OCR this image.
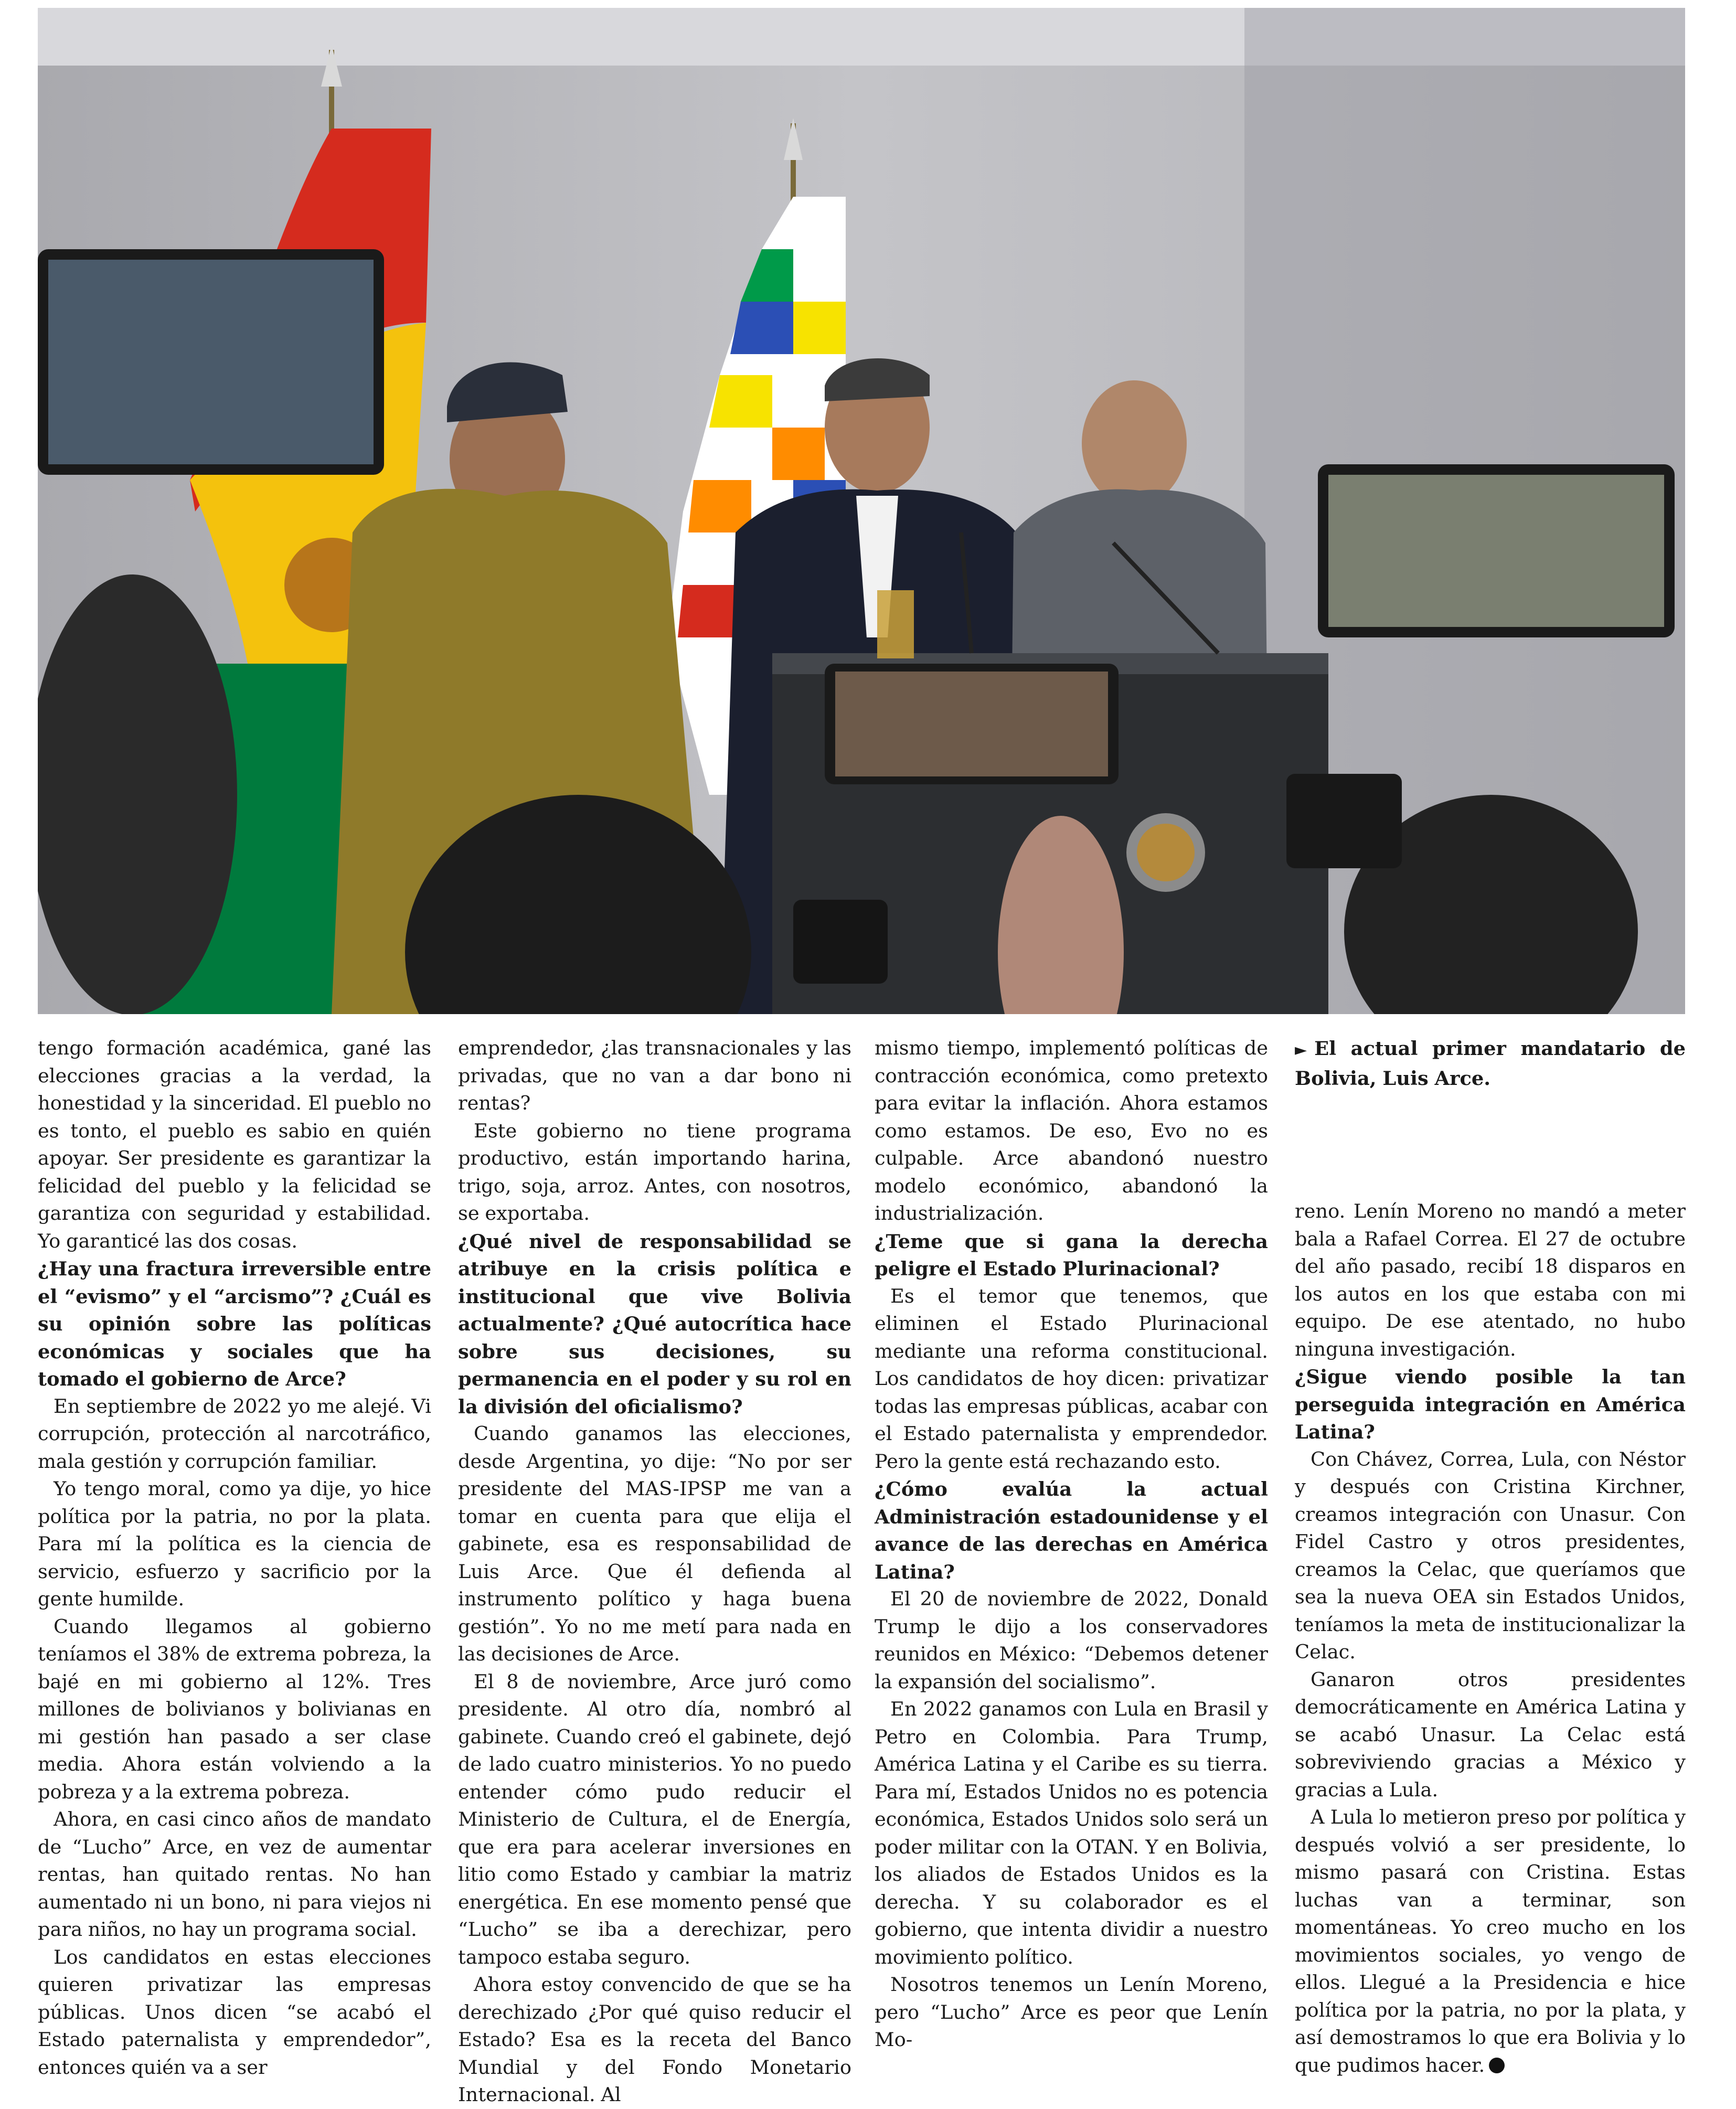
tengo formación académica, gané las elecciones gracias a la verdad, la honestidad y la sinceridad. El pueblo no es tonto, el pueblo es sabio en quién apoyar. Ser presidente es garantizar la felicidad del pueblo y la felicidad se garantiza con seguridad y estabilidad. Yo garanticé las dos cosas.

¿Hay una fractura irreversible entre el “evismo” y el “arcismo”? ¿Cuál es su opinión sobre las políticas económicas y sociales que ha tomado el gobierno de Arce?

En septiembre de 2022 yo me alejé. Vi corrupción, protección al narcotráfico, mala gestión y corrupción familiar.

Yo tengo moral, como ya dije, yo hice política por la patria, no por la plata. Para mí la política es la ciencia de servicio, esfuerzo y sacrificio por la gente humilde.

Cuando llegamos al gobierno teníamos el 38% de extrema pobreza, la bajé en mi gobierno al 12%. Tres millones de bolivianos y bolivianas en mi gestión han pasado a ser clase media. Ahora están volviendo a la pobreza y a la extrema pobreza.

Ahora, en casi cinco años de mandato de “Lucho” Arce, en vez de aumentar rentas, han quitado rentas. No han aumentado ni un bono, ni para viejos ni para niños, no hay un programa social.

Los candidatos en estas elecciones quieren privatizar las empresas públicas. Unos dicen “se acabó el Estado paternalista y emprendedor”, entonces quién va a ser

emprendedor, ¿las transnacionales y las privadas, que no van a dar bono ni rentas?

Este gobierno no tiene programa productivo, están importando harina, trigo, soja, arroz. Antes, con nosotros, se exportaba.

¿Qué nivel de responsabilidad se atribuye en la crisis política e institucional que vive Bolivia actualmente? ¿Qué autocrítica hace sobre sus decisiones, su permanencia en el poder y su rol en la división del oficialismo?

Cuando ganamos las elecciones, desde Argentina, yo dije: “No por ser presidente del MAS-IPSP me van a tomar en cuenta para que elija el gabinete, esa es responsabilidad de Luis Arce. Que él defienda al instrumento político y haga buena gestión”. Yo no me metí para nada en las decisiones de Arce.

El 8 de noviembre, Arce juró como presidente. Al otro día, nombró al gabinete. Cuando creó el gabinete, dejó de lado cuatro ministerios. Yo no puedo entender cómo pudo reducir el Ministerio de Cultura, el de Energía, que era para acelerar inversiones en litio como Estado y cambiar la matriz energética. En ese momento pensé que “Lucho” se iba a derechizar, pero tampoco estaba seguro.

Ahora estoy convencido de que se ha derechizado ¿Por qué quiso reducir el Estado? Esa es la receta del Banco Mundial y del Fondo Monetario Internacional. Al

mismo tiempo, implementó políticas de contracción económica, como pretexto para evitar la inflación. Ahora estamos como estamos. De eso, Evo no es culpable. Arce abandonó nuestro modelo económico, abandonó la industrialización.

¿Teme que si gana la derecha peligre el Estado Plurinacional?

Es el temor que tenemos, que eliminen el Estado Plurinacional mediante una reforma constitucional. Los candidatos de hoy dicen: privatizar todas las empresas públicas, acabar con el Estado paternalista y emprendedor. Pero la gente está rechazando esto.

¿Cómo evalúa la actual Administración estadounidense y el avance de las derechas en América Latina?

El 20 de noviembre de 2022, Donald Trump le dijo a los conservadores reunidos en México: “Debemos detener la expansión del socialismo”.

En 2022 ganamos con Lula en Brasil y Petro en Colombia. Para Trump, América Latina y el Caribe es su tierra. Para mí, Estados Unidos no es potencia económica, Estados Unidos solo será un poder militar con la OTAN. Y en Bolivia, los aliados de Estados Unidos es la derecha. Y su colaborador es el gobierno, que intenta dividir a nuestro movimiento político.

Nosotros tenemos un Lenín Moreno, pero “Lucho” Arce es peor que Lenín Mo-

► El actual primer mandatario de Bolivia, Luis Arce.

reno. Lenín Moreno no mandó a meter bala a Rafael Correa. El 27 de octubre del año pasado, recibí 18 disparos en los autos en los que estaba con mi equipo. De ese atentado, no hubo ninguna investigación.

¿Sigue viendo posible la tan perseguida integración en América Latina?

Con Chávez, Correa, Lula, con Néstor y después con Cristina Kirchner, creamos integración con Unasur. Con Fidel Castro y otros presidentes, creamos la Celac, que queríamos que sea la nueva OEA sin Estados Unidos, teníamos la meta de institucionalizar la Celac.

Ganaron otros presidentes democráticamente en América Latina y se acabó Unasur. La Celac está sobreviviendo gracias a México y gracias a Lula.

A Lula lo metieron preso por política y después volvió a ser presidente, lo mismo pasará con Cristina. Estas luchas van a terminar, son momentáneas. Yo creo mucho en los movimientos sociales, yo vengo de ellos. Llegué a la Presidencia e hice política por la patria, no por la plata, y así demostramos lo que era Bolivia y lo que pudimos hacer.
